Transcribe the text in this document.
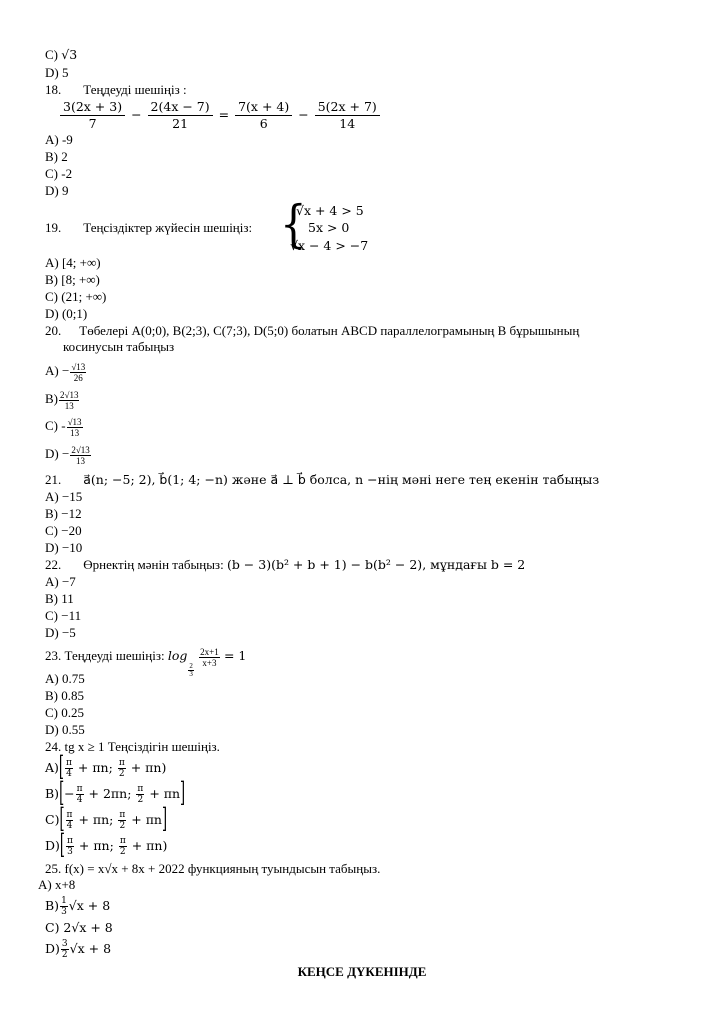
C) √3
D) 5
18. Теңдеуді шешіңіз :
$\frac{3(2x + 3)}{7} - \frac{2(4x - 7)}{21} = \frac{7(x + 4)}{6} - \frac{5(2x + 7)}{14}$
A) -9
B) 2
C) -2
D) 9
19. Теңсіздіктер жүйесін шешіңіз: {
√x + 4 > 5
5x > 0
√x − 4 > −7
A) [4; +∞)
B) [8; +∞)
C) (21; +∞)
D) (0;1)
20. Төбелері A(0;0), B(2;3), C(7;3), D(5;0) болатын ABCD параллелограмының B бұрышының
косинусын табыңыз
$A) - \frac{√13}{26}$
$B) \frac{2√13}{13}$
$C) - \frac{√13}{13}$
$D) - \frac{2√13}{13}$
21. a⃗(n; −5; 2), b⃗(1; 4; −n) және a⃗ ⊥ b⃗ болса, n −нің мәні неге тең екенін табыңыз
A) −15
B) −12
C) −20
D) −10
22. Өрнектің мәнін табыңыз: (b − 3)(b² + b + 1) − b(b² − 2), мұндағы b = 2
A) −7
B) 11
C) −11
D) −5
23. Теңдеуді шешіңіз: log
$\frac{2}{3}$

$\frac{2x+1}{x+3} = 1$
A) 0.75
B) 0.85
C) 0.25
D) 0.55
24. tg x ≥ 1 Теңсіздігін шешіңіз.
$A)[ \frac{\pi}{4} + \pi n$; $\frac{\pi}{2} + \pi n$)
$B)[- \frac{\pi}{4} + 2\pi n$; $\frac{\pi}{2} + \pi n$]
$C)[ \frac{\pi}{4} + \pi n$; $\frac{\pi}{2} + \pi n$]
$D)[ \frac{\pi}{3} + \pi n$; $\frac{\pi}{2} + \pi n$)
25. f(x) = x√x + 8x + 2022 функцияның туындысын табыңыз.
A) x+8
$B) \frac{1}{3} √x + 8$
C) 2√x + 8
$D) \frac{3}{2} √x + 8$
КЕҢСЕ ДҮКЕНІНДЕ
